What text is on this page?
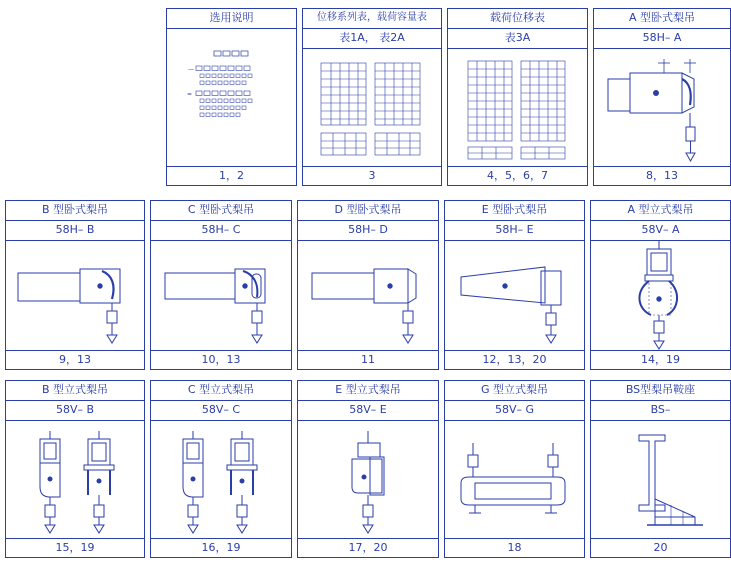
选用说明
—
=
1，2
位移系列表，载荷容量表
表1A， 表2A
3
载荷位移表
表3A
4，5，6，7
A 型卧式梨吊
58H– A
8，13
B 型卧式梨吊
58H– B
9，13
C 型卧式梨吊
58H– C
10，13
D 型卧式梨吊
58H– D
11
E 型卧式梨吊
58H– E
12，13，20
A 型立式梨吊
58V– A
14，19
B 型立式梨吊
58V– B
15，19
C 型立式梨吊
58V– C
16，19
E 型立式梨吊
58V– E
17，20
G 型立式梨吊
58V– G
18
BS型梨吊鞍座
BS–
20
